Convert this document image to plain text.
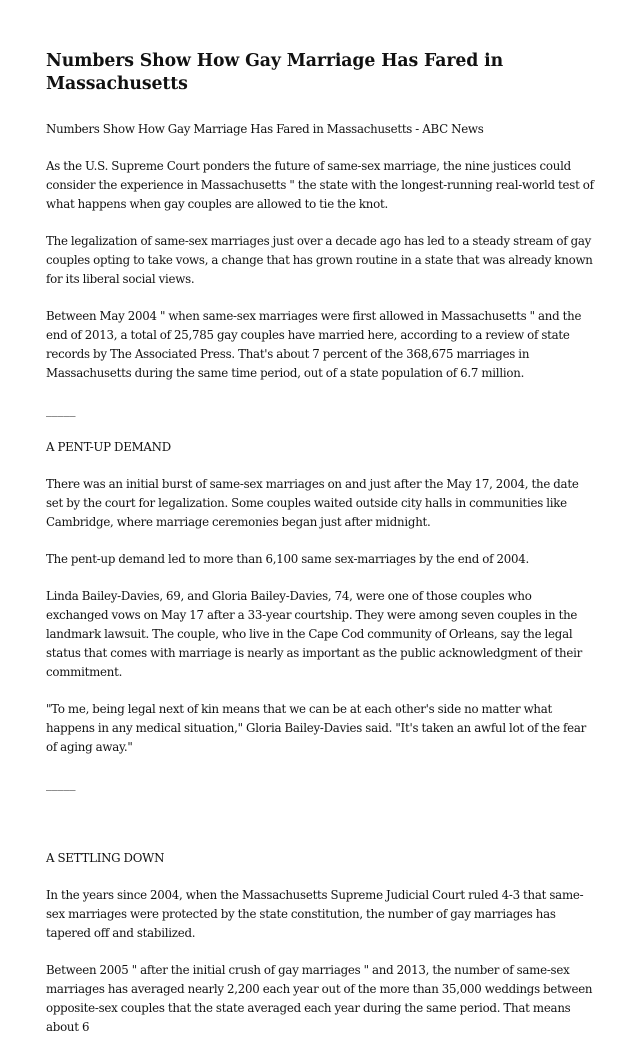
Numbers Show How Gay Marriage Has Fared in Massachusetts

Numbers Show How Gay Marriage Has Fared in Massachusetts - ABC News

As the U.S. Supreme Court ponders the future of same-sex marriage, the nine justices could consider the experience in Massachusetts " the state with the longest-running real-world test of what happens when gay couples are allowed to tie the knot.

The legalization of same-sex marriages just over a decade ago has led to a steady stream of gay couples opting to take vows, a change that has grown routine in a state that was already known for its liberal social views.

Between May 2004 " when same-sex marriages were first allowed in Massachusetts " and the end of 2013, a total of 25,785 gay couples have married here, according to a review of state records by The Associated Press. That's about 7 percent of the 368,675 marriages in Massachusetts during the same time period, out of a state population of 6.7 million.

_____

A PENT-UP DEMAND

There was an initial burst of same-sex marriages on and just after the May 17, 2004, the date set by the court for legalization. Some couples waited outside city halls in communities like Cambridge, where marriage ceremonies began just after midnight.

The pent-up demand led to more than 6,100 same sex-marriages by the end of 2004.

Linda Bailey-Davies, 69, and Gloria Bailey-Davies, 74, were one of those couples who exchanged vows on May 17 after a 33-year courtship. They were among seven couples in the landmark lawsuit. The couple, who live in the Cape Cod community of Orleans, say the legal status that comes with marriage is nearly as important as the public acknowledgment of their commitment.

"To me, being legal next of kin means that we can be at each other's side no matter what happens in any medical situation," Gloria Bailey-Davies said. "It's taken an awful lot of the fear of aging away."

_____

A SETTLING DOWN

In the years since 2004, when the Massachusetts Supreme Judicial Court ruled 4-3 that same-sex marriages were protected by the state constitution, the number of gay marriages has tapered off and stabilized.

Between 2005 " after the initial crush of gay marriages " and 2013, the number of same-sex marriages has averaged nearly 2,200 each year out of the more than 35,000 weddings between opposite-sex couples that the state averaged each year during the same period. That means about 6
